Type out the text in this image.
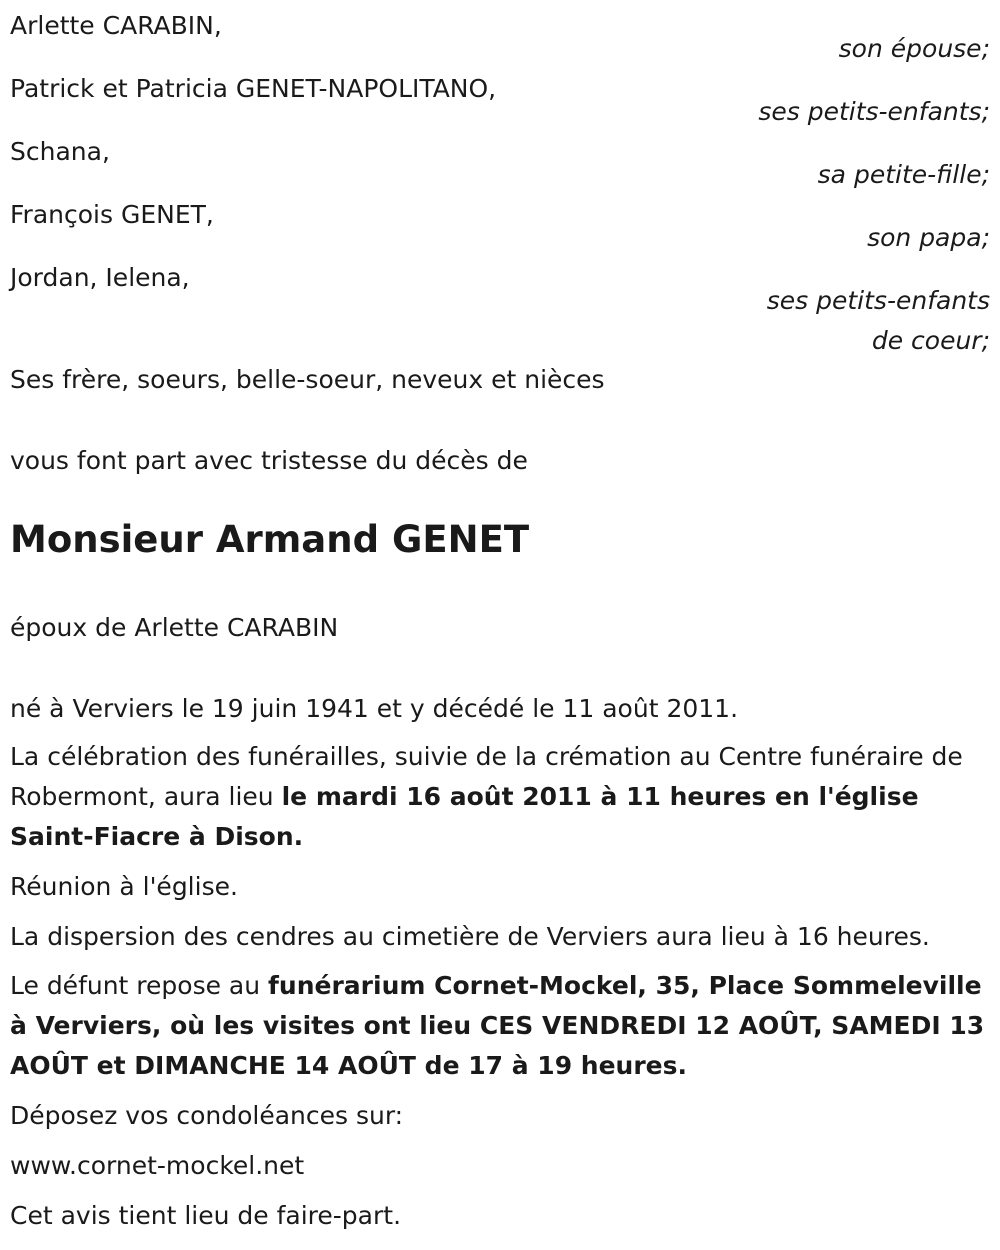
Arlette CARABIN,
son épouse;
Patrick et Patricia GENET-NAPOLITANO,
ses petits-enfants;
Schana,
sa petite-fille;
François GENET,
son papa;
Jordan, Ielena,
ses petits-enfants
de coeur;
Ses frère, soeurs, belle-soeur, neveux et nièces
vous font part avec tristesse du décès de
Monsieur Armand GENET
époux de Arlette CARABIN
né à Verviers le 19 juin 1941 et y décédé le 11 août 2011.
La célébration des funérailles, suivie de la crémation au Centre funéraire de Robermont, aura lieu le mardi 16 août 2011 à 11 heures en l'église Saint-Fiacre à Dison.
Réunion à l'église.
La dispersion des cendres au cimetière de Verviers aura lieu à 16 heures.
Le défunt repose au funérarium Cornet-Mockel, 35, Place Sommeleville à Verviers, où les visites ont lieu CES VENDREDI 12 AOÛT, SAMEDI 13 AOÛT et DIMANCHE 14 AOÛT de 17 à 19 heures.
Déposez vos condoléances sur:
www.cornet-mockel.net
Cet avis tient lieu de faire-part.
